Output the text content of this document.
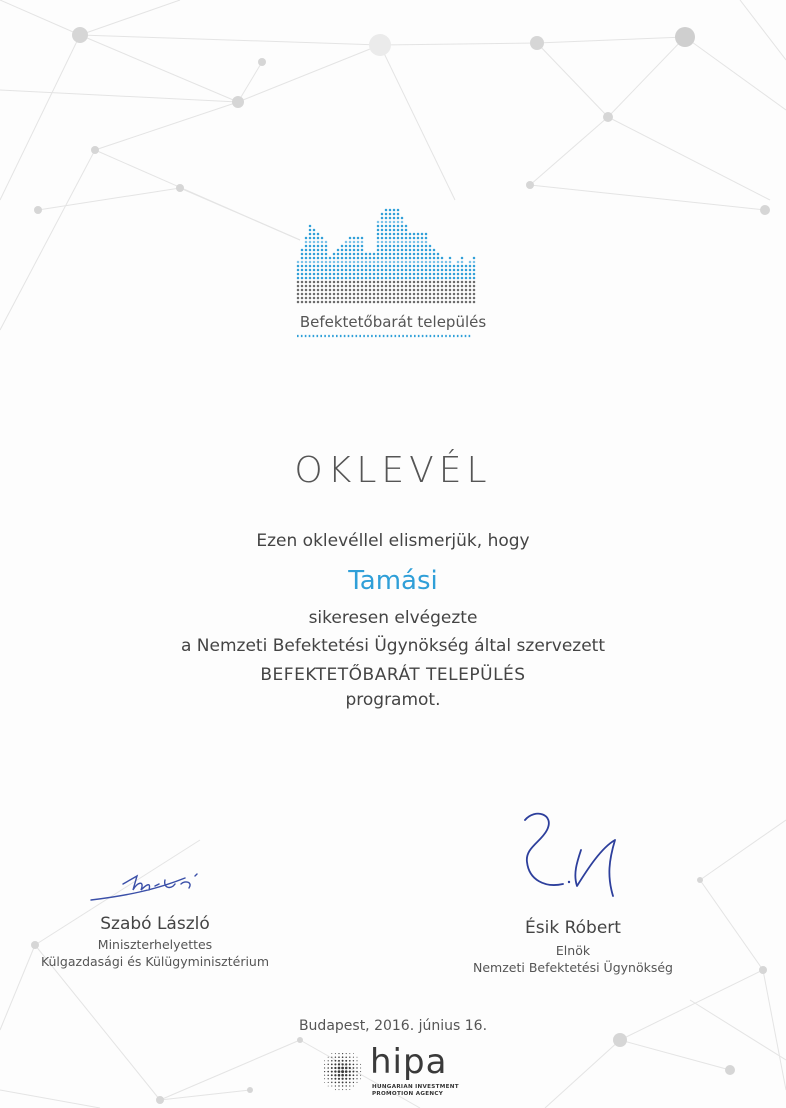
Befektetőbarát település
OKLEVÉL
Ezen oklevéllel elismerjük, hogy
Tamási
sikeresen elvégezte
a Nemzeti Befektetési Ügynökség által szervezett
BEFEKTETŐBARÁT TELEPÜLÉS
programot.
Szabó László
Miniszterhelyettes
Külgazdasági és Külügyminisztérium
Ésik Róbert
Elnök
Nemzeti Befektetési Ügynökség
Budapest, 2016. június 16.
hipa
HUNGARIAN INVESTMENT
PROMOTION AGENCY
